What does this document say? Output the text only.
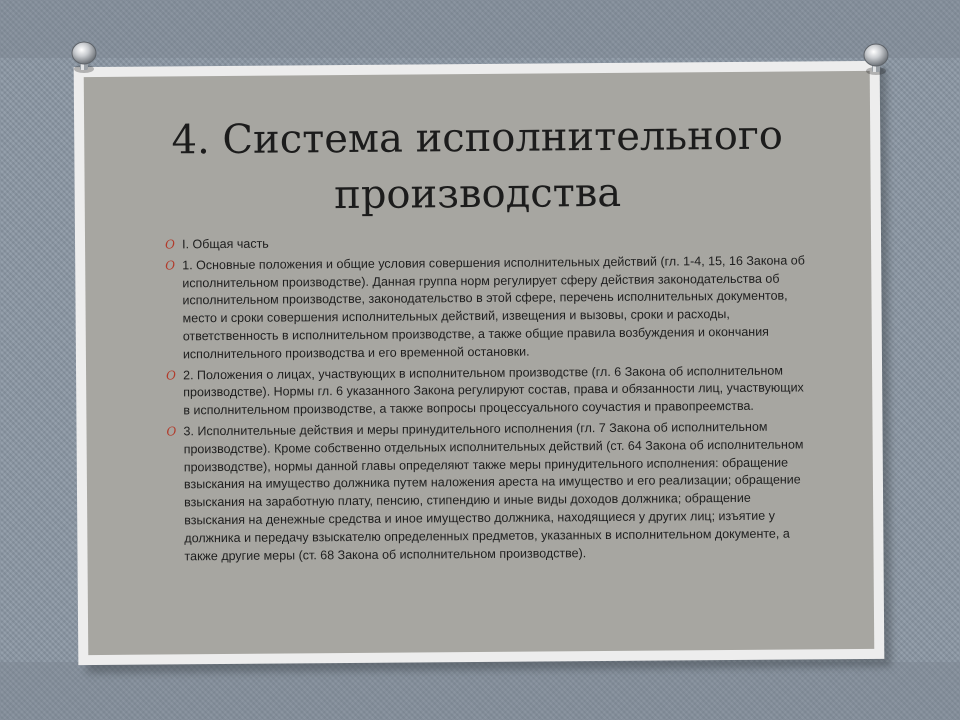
4. Система исполнительного производства
O I. Общая часть
O 1. Основные положения и общие условия совершения исполнительных действий (гл. 1-4, 15, 16 Закона об исполнительном производстве). Данная группа норм регулирует сферу действия законодательства об исполнительном производстве, законодательство в этой сфере, перечень исполнительных документов, место и сроки совершения исполнительных действий, извещения и вызовы, сроки и расходы, ответственность в исполнительном производстве, а также общие правила возбуждения и окончания исполнительного производства и его временной остановки.
O 2. Положения о лицах, участвующих в исполнительном производстве (гл. 6 Закона об исполнительном производстве). Нормы гл. 6 указанного Закона регулируют состав, права и обязанности лиц, участвующих в исполнительном производстве, а также вопросы процессуального соучастия и правопреемства.
O 3. Исполнительные действия и меры принудительного исполнения (гл. 7 Закона об исполнительном производстве). Кроме собственно отдельных исполнительных действий (ст. 64 Закона об исполнительном производстве), нормы данной главы определяют также меры принудительного исполнения: обращение взыскания на имущество должника путем наложения ареста на имущество и его реализации; обращение взыскания на заработную плату, пенсию, стипендию и иные виды доходов должника; обращение взыскания на денежные средства и иное имущество должника, находящиеся у других лиц; изъятие у должника и передачу взыскателю определенных предметов, указанных в исполнительном документе, а также другие меры (ст. 68 Закона об исполнительном производстве).
